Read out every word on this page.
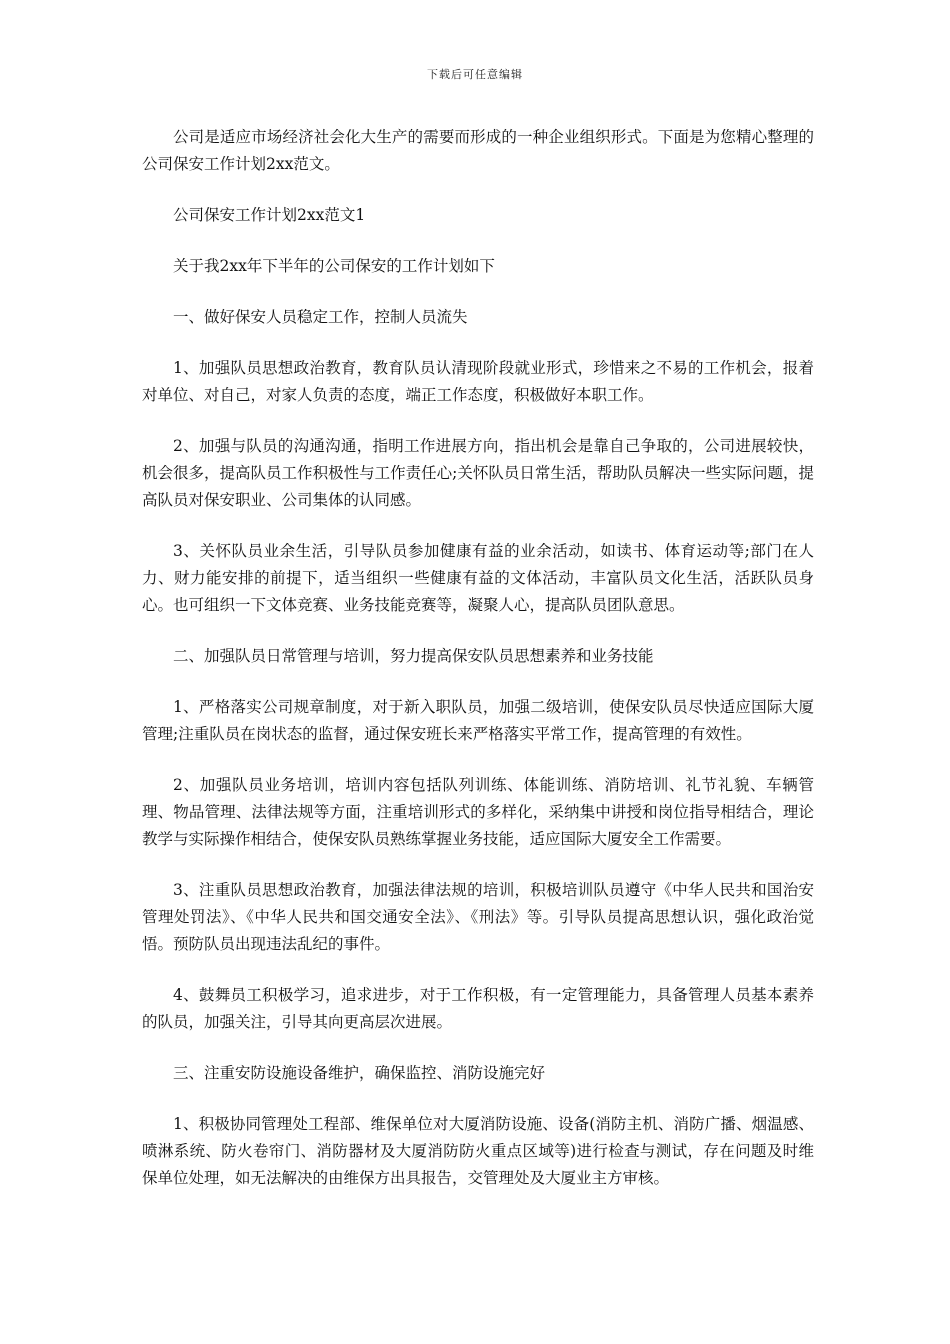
下载后可任意编辑

公司是适应市场经济社会化大生产的需要而形成的一种企业组织形式。下面是为您精心整理的公司保安工作计划2xx范文。

公司保安工作计划2xx范文1

关于我2xx年下半年的公司保安的工作计划如下

一、做好保安人员稳定工作，控制人员流失

1、加强队员思想政治教育，教育队员认清现阶段就业形式，珍惜来之不易的工作机会，报着对单位、对自己，对家人负责的态度，端正工作态度，积极做好本职工作。

2、加强与队员的沟通沟通，指明工作进展方向，指出机会是靠自己争取的，公司进展较快，机会很多，提高队员工作积极性与工作责任心;关怀队员日常生活，帮助队员解决一些实际问题，提高队员对保安职业、公司集体的认同感。

3、关怀队员业余生活，引导队员参加健康有益的业余活动，如读书、体育运动等;部门在人力、财力能安排的前提下，适当组织一些健康有益的文体活动，丰富队员文化生活，活跃队员身心。也可组织一下文体竞赛、业务技能竞赛等，凝聚人心，提高队员团队意思。

二、加强队员日常管理与培训，努力提高保安队员思想素养和业务技能

1、严格落实公司规章制度，对于新入职队员，加强二级培训，使保安队员尽快适应国际大厦管理;注重队员在岗状态的监督，通过保安班长来严格落实平常工作，提高管理的有效性。

2、加强队员业务培训，培训内容包括队列训练、体能训练、消防培训、礼节礼貌、车辆管理、物品管理、法律法规等方面，注重培训形式的多样化，采纳集中讲授和岗位指导相结合，理论教学与实际操作相结合，使保安队员熟练掌握业务技能，适应国际大厦安全工作需要。

3、注重队员思想政治教育，加强法律法规的培训，积极培训队员遵守《中华人民共和国治安管理处罚法》、《中华人民共和国交通安全法》、《刑法》等。引导队员提高思想认识，强化政治觉悟。预防队员出现违法乱纪的事件。

4、鼓舞员工积极学习，追求进步，对于工作积极，有一定管理能力，具备管理人员基本素养的队员，加强关注，引导其向更高层次进展。

三、注重安防设施设备维护，确保监控、消防设施完好

1、积极协同管理处工程部、维保单位对大厦消防设施、设备(消防主机、消防广播、烟温感、喷淋系统、防火卷帘门、消防器材及大厦消防防火重点区域等)进行检查与测试，存在问题及时维保单位处理，如无法解决的由维保方出具报告，交管理处及大厦业主方审核。
